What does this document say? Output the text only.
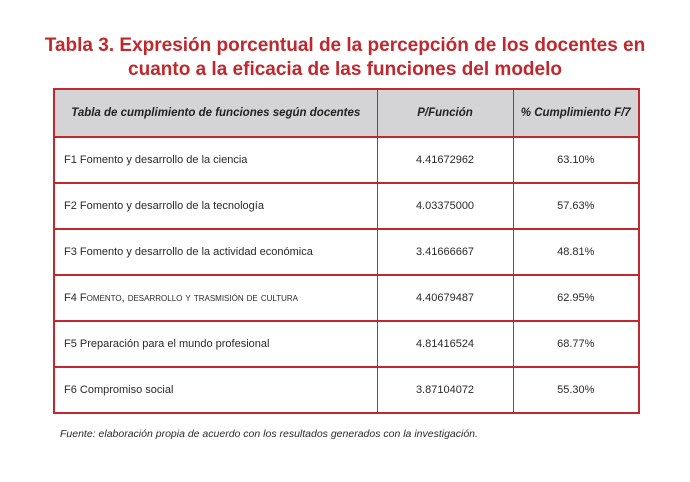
Tabla 3. Expresión porcentual de la percepción de los docentes en
cuanto a la eficacia de las funciones del modelo
Tabla de cumplimiento de funciones según docentes	P/Función	% Cumplimiento F/7
F1 Fomento y desarrollo de la ciencia	4.41672962	63.10%
F2 Fomento y desarrollo de la tecnología	4.03375000	57.63%
F3 Fomento y desarrollo de la actividad económica	3.41666667	48.81%
F4 Fomento, desarrollo y trasmisión de cultura	4.40679487	62.95%
F5 Preparación para el mundo profesional	4.81416524	68.77%
F6 Compromiso social	3.87104072	55.30%
Fuente: elaboración propia de acuerdo con los resultados generados con la investigación.
